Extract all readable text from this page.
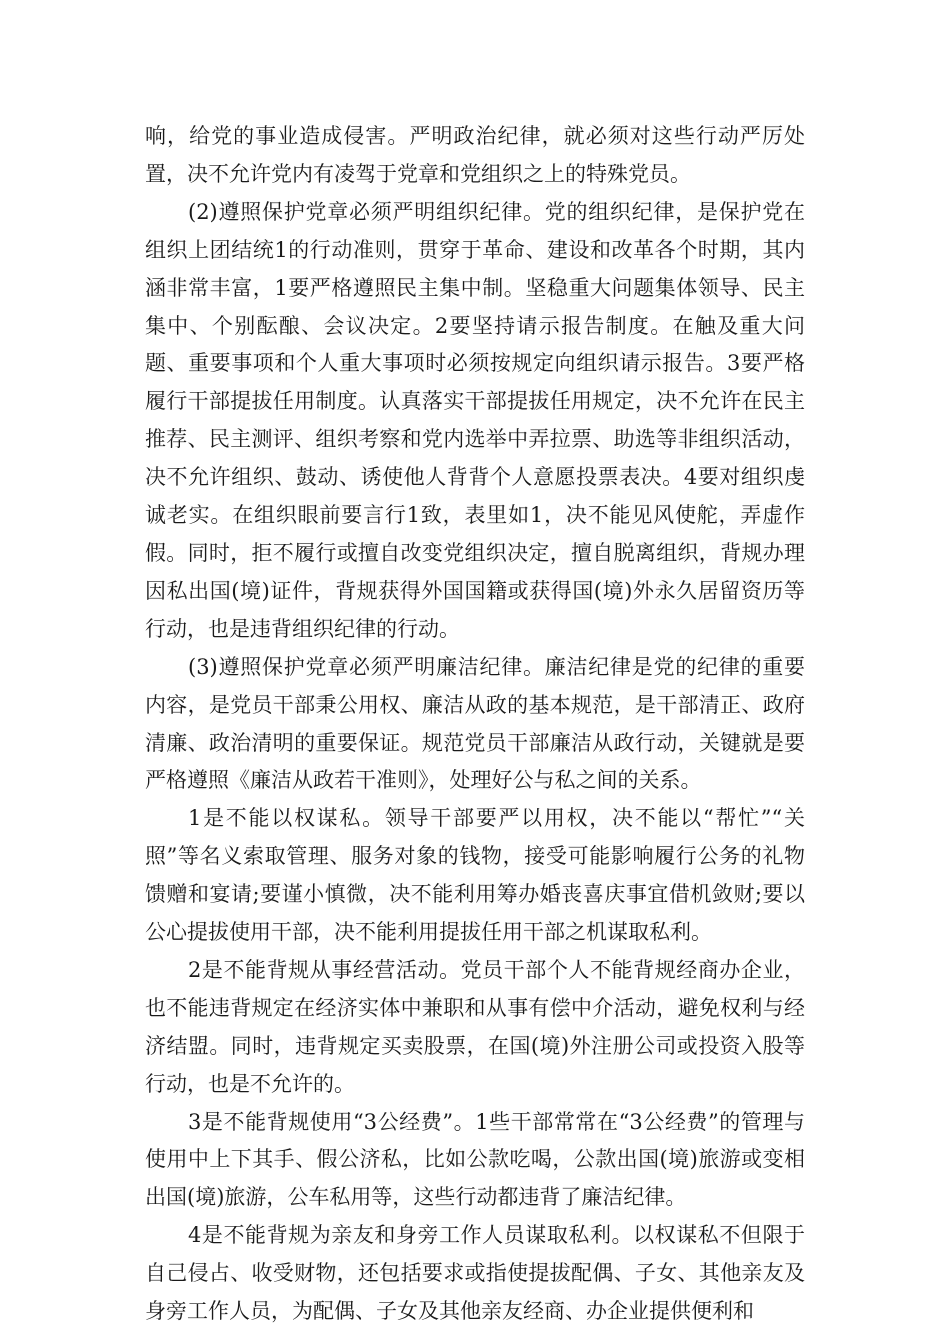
响，给党的事业造成侵害。严明政治纪律，就必须对这些行动严厉处置，决不允许党内有凌驾于党章和党组织之上的特殊党员。

(2)遵照保护党章必须严明组织纪律。党的组织纪律，是保护党在组织上团结统1的行动准则，贯穿于革命、建设和改革各个时期，其内涵非常丰富，1要严格遵照民主集中制。坚稳重大问题集体领导、民主集中、个别酝酿、会议决定。2要坚持请示报告制度。在触及重大问题、重要事项和个人重大事项时必须按规定向组织请示报告。3要严格履行干部提拔任用制度。认真落实干部提拔任用规定，决不允许在民主推荐、民主测评、组织考察和党内选举中弄拉票、助选等非组织活动，决不允许组织、鼓动、诱使他人背背个人意愿投票表决。4要对组织虔诚老实。在组织眼前要言行1致，表里如1，决不能见风使舵，弄虚作假。同时，拒不履行或擅自改变党组织决定，擅自脱离组织，背规办理因私出国(境)证件，背规获得外国国籍或获得国(境)外永久居留资历等行动，也是违背组织纪律的行动。

(3)遵照保护党章必须严明廉洁纪律。廉洁纪律是党的纪律的重要内容，是党员干部秉公用权、廉洁从政的基本规范，是干部清正、政府清廉、政治清明的重要保证。规范党员干部廉洁从政行动，关键就是要严格遵照《廉洁从政若干准则》，处理好公与私之间的关系。

1是不能以权谋私。领导干部要严以用权，决不能以“帮忙”“关照”等名义索取管理、服务对象的钱物，接受可能影响履行公务的礼物馈赠和宴请;要谨小慎微，决不能利用筹办婚丧喜庆事宜借机敛财;要以公心提拔使用干部，决不能利用提拔任用干部之机谋取私利。

2是不能背规从事经营活动。党员干部个人不能背规经商办企业，也不能违背规定在经济实体中兼职和从事有偿中介活动，避免权利与经济结盟。同时，违背规定买卖股票，在国(境)外注册公司或投资入股等行动，也是不允许的。

3是不能背规使用“3公经费”。1些干部常常在“3公经费”的管理与使用中上下其手、假公济私，比如公款吃喝，公款出国(境)旅游或变相出国(境)旅游，公车私用等，这些行动都违背了廉洁纪律。

4是不能背规为亲友和身旁工作人员谋取私利。以权谋私不但限于自己侵占、收受财物，还包括要求或指使提拔配偶、子女、其他亲友及身旁工作人员，为配偶、子女及其他亲友经商、办企业提供便利和
